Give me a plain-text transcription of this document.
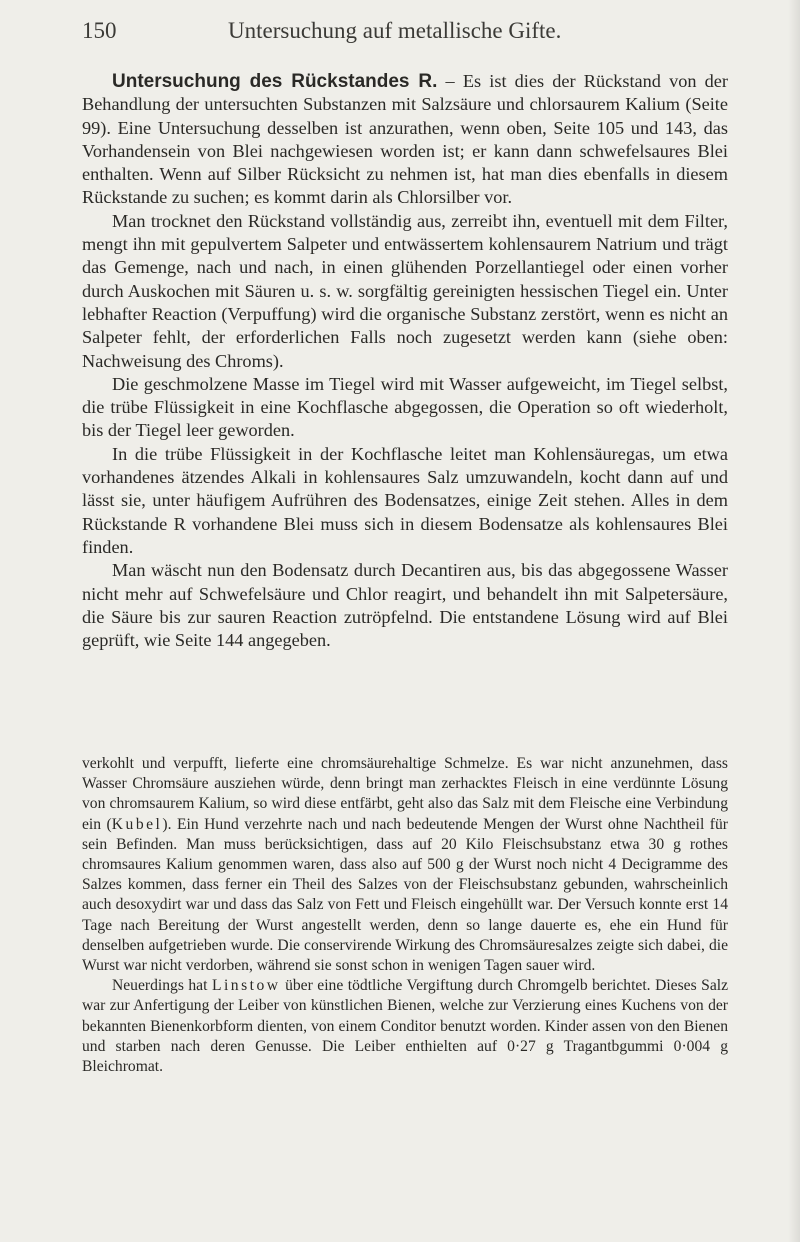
150	Untersuchung auf metallische Gifte.

Untersuchung des Rückstandes R. – Es ist dies der Rückstand von der Behandlung der untersuchten Substanzen mit Salzsäure und chlorsaurem Kalium (Seite 99). Eine Untersuchung desselben ist anzurathen, wenn oben, Seite 105 und 143, das Vorhandensein von Blei nachgewiesen worden ist; er kann dann schwefelsaures Blei enthalten. Wenn auf Silber Rücksicht zu nehmen ist, hat man dies ebenfalls in diesem Rückstande zu suchen; es kommt darin als Chlorsilber vor.

Man trocknet den Rückstand vollständig aus, zerreibt ihn, eventuell mit dem Filter, mengt ihn mit gepulvertem Salpeter und entwässertem kohlensaurem Natrium und trägt das Gemenge, nach und nach, in einen glühenden Porzellantiegel oder einen vorher durch Auskochen mit Säuren u. s. w. sorgfältig gereinigten hessischen Tiegel ein. Unter lebhafter Reaction (Verpuffung) wird die organische Substanz zerstört, wenn es nicht an Salpeter fehlt, der erforderlichen Falls noch zugesetzt werden kann (siehe oben: Nachweisung des Chroms).

Die geschmolzene Masse im Tiegel wird mit Wasser aufgeweicht, im Tiegel selbst, die trübe Flüssigkeit in eine Kochflasche abgegossen, die Operation so oft wiederholt, bis der Tiegel leer geworden.

In die trübe Flüssigkeit in der Kochflasche leitet man Kohlensäuregas, um etwa vorhandenes ätzendes Alkali in kohlensaures Salz umzuwandeln, kocht dann auf und lässt sie, unter häufigem Aufrühren des Bodensatzes, einige Zeit stehen. Alles in dem Rückstande R vorhandene Blei muss sich in diesem Bodensatze als kohlensaures Blei finden.

Man wäscht nun den Bodensatz durch Decantiren aus, bis das abgegossene Wasser nicht mehr auf Schwefelsäure und Chlor reagirt, und behandelt ihn mit Salpetersäure, die Säure bis zur sauren Reaction zutröpfelnd. Die entstandene Lösung wird auf Blei geprüft, wie Seite 144 angegeben.

verkohlt und verpufft, lieferte eine chromsäurehaltige Schmelze. Es war nicht anzunehmen, dass Wasser Chromsäure ausziehen würde, denn bringt man zerhacktes Fleisch in eine verdünnte Lösung von chromsaurem Kalium, so wird diese entfärbt, geht also das Salz mit dem Fleische eine Verbindung ein (Kubel). Ein Hund verzehrte nach und nach bedeutende Mengen der Wurst ohne Nachtheil für sein Befinden. Man muss berücksichtigen, dass auf 20 Kilo Fleischsubstanz etwa 30 g rothes chromsaures Kalium genommen waren, dass also auf 500 g der Wurst noch nicht 4 Decigramme des Salzes kommen, dass ferner ein Theil des Salzes von der Fleischsubstanz gebunden, wahrscheinlich auch desoxydirt war und dass das Salz von Fett und Fleisch eingehüllt war. Der Versuch konnte erst 14 Tage nach Bereitung der Wurst angestellt werden, denn so lange dauerte es, ehe ein Hund für denselben aufgetrieben wurde. Die conservirende Wirkung des Chromsäuresalzes zeigte sich dabei, die Wurst war nicht verdorben, während sie sonst schon in wenigen Tagen sauer wird.

Neuerdings hat Linstow über eine tödtliche Vergiftung durch Chromgelb berichtet. Dieses Salz war zur Anfertigung der Leiber von künstlichen Bienen, welche zur Verzierung eines Kuchens von der bekannten Bienenkorbform dienten, von einem Conditor benutzt worden. Kinder assen von den Bienen und starben nach deren Genusse. Die Leiber enthielten auf 0·27 g Tragantbgummi 0·004 g Bleichromat.
